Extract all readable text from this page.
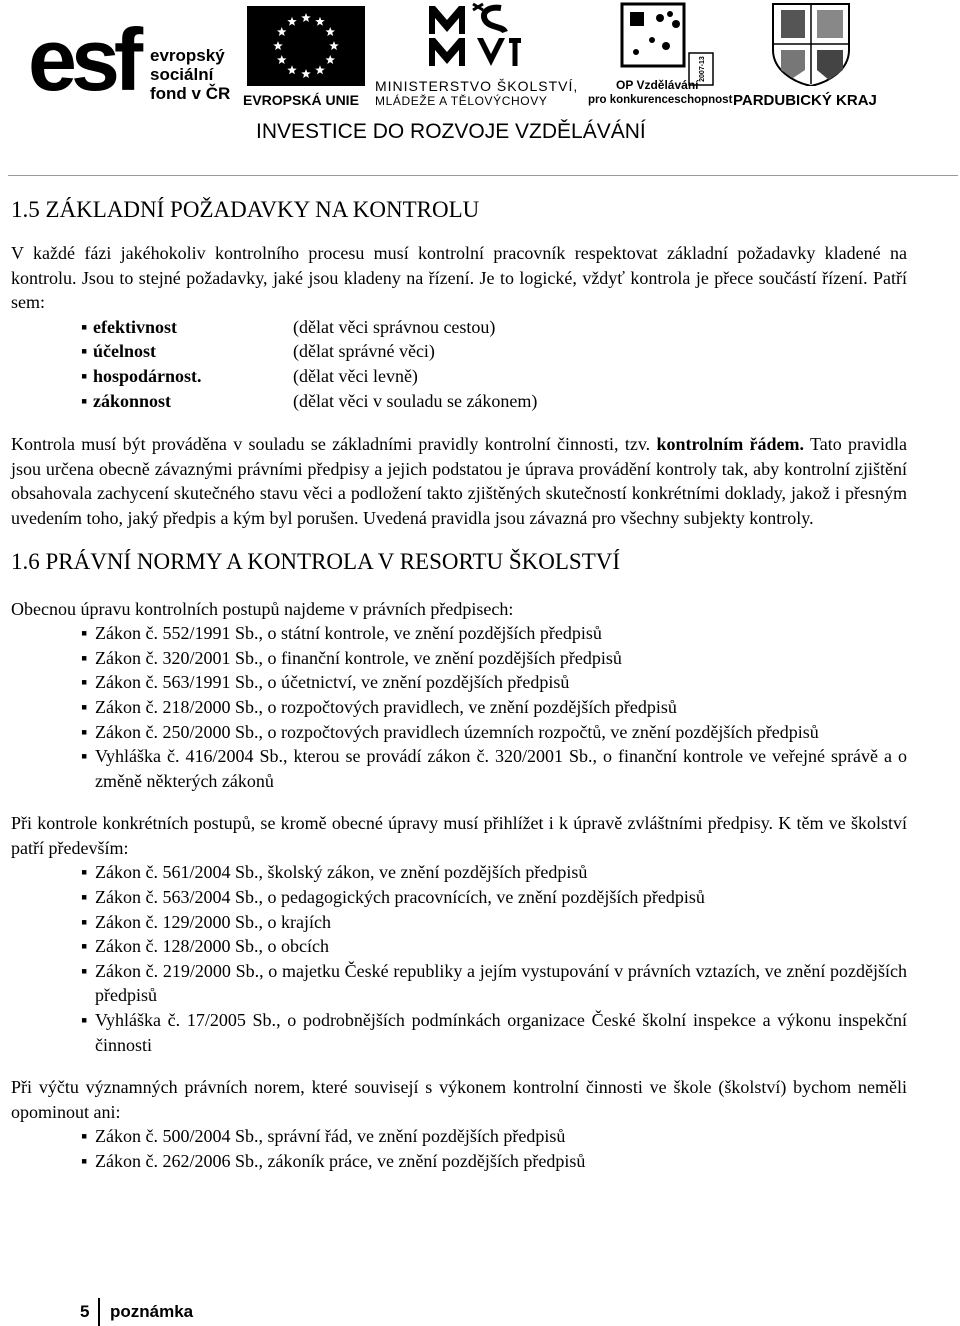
esf evropský
sociální
fond v ČR EVROPSKÁ UNIE
MINISTERSTVO ŠKOLSTVÍ,
MLÁDEŽE A TĚLOVÝCHOVY
2007-13
OP Vzdělávání
pro konkurenceschopnost PARDUBICKÝ KRAJ
INVESTICE DO ROZVOJE VZDĚLÁVÁNÍ
1.5 ZÁKLADNÍ POŽADAVKY NA KONTROLU

V každé fázi jakéhokoliv kontrolního procesu musí kontrolní pracovník respektovat základní požadavky kladené na kontrolu. Jsou to stejné požadavky, jaké jsou kladeny na řízení. Je to logické, vždyť kontrola je přece součástí řízení. Patří sem:

▪ efektivnost	(dělat věci správnou cestou)
▪ účelnost	(dělat správné věci)
▪ hospodárnost.	(dělat věci levně)
▪ zákonnost	(dělat věci v souladu se zákonem)

Kontrola musí být prováděna v souladu se základními pravidly kontrolní činnosti, tzv. kontrolním řádem. Tato pravidla jsou určena obecně závaznými právními předpisy a jejich podstatou je úprava provádění kontroly tak, aby kontrolní zjištění obsahovala zachycení skutečného stavu věci a podložení takto zjištěných skutečností konkrétními doklady, jakož i přesným uvedením toho, jaký předpis a kým byl porušen. Uvedená pravidla jsou závazná pro všechny subjekty kontroly.

1.6 PRÁVNÍ NORMY A KONTROLA V RESORTU ŠKOLSTVÍ

Obecnou úpravu kontrolních postupů najdeme v právních předpisech:

▪ Zákon č. 552/1991 Sb., o státní kontrole, ve znění pozdějších předpisů
▪ Zákon č. 320/2001 Sb., o finanční kontrole, ve znění pozdějších předpisů
▪ Zákon č. 563/1991 Sb., o účetnictví, ve znění pozdějších předpisů
▪ Zákon č. 218/2000 Sb., o rozpočtových pravidlech, ve znění pozdějších předpisů
▪ Zákon č. 250/2000 Sb., o rozpočtových pravidlech územních rozpočtů, ve znění pozdějších předpisů
▪ Vyhláška č. 416/2004 Sb., kterou se provádí zákon č. 320/2001 Sb., o finanční kontrole ve veřejné správě a o změně některých zákonů

Při kontrole konkrétních postupů, se kromě obecné úpravy musí přihlížet i k úpravě zvláštními předpisy. K těm ve školství patří především:

▪ Zákon č. 561/2004 Sb., školský zákon, ve znění pozdějších předpisů
▪ Zákon č. 563/2004 Sb., o pedagogických pracovnících, ve znění pozdějších předpisů
▪ Zákon č. 129/2000 Sb., o krajích
▪ Zákon č. 128/2000 Sb., o obcích
▪ Zákon č. 219/2000 Sb., o majetku České republiky a jejím vystupování v právních vztazích, ve znění pozdějších předpisů
▪ Vyhláška č. 17/2005 Sb., o podrobnějších podmínkách organizace České školní inspekce a výkonu inspekční činnosti

Při výčtu významných právních norem, které souvisejí s výkonem kontrolní činnosti ve škole (školství) bychom neměli opominout ani:

▪ Zákon č. 500/2004 Sb., správní řád, ve znění pozdějších předpisů
▪ Zákon č. 262/2006 Sb., zákoník práce, ve znění pozdějších předpisů
5 poznámka
